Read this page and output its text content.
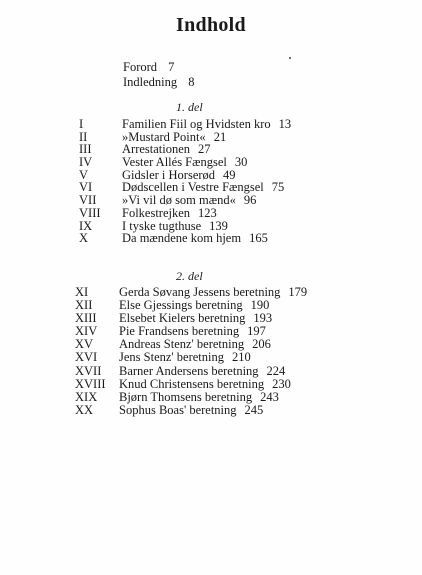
Indhold
Forord 7
Indledning 8
1. del
I	Familien Fiil og Hvidsten kro 13
II	»Mustard Point« 21
III Arrestationen 27
IV Vester Allés Fængsel 30
V	Gidsler i Horserød 49
VI Dødscellen i Vestre Fængsel 75
VII »Vi vil dø som mænd« 96
VIII Folkestrejken 123
IX I tyske tugthuse 139
X	Da mændene kom hjem 165
2. del
XI Gerda Søvang Jessens beretning 179
XII Else Gjessings beretning 190
XIII Elsebet Kielers beretning 193
XIV Pie Frandsens beretning 197
XV Andreas Stenz' beretning 206
XVI Jens Stenz' beretning 210
XVII Barner Andersens beretning 224
XVIII Knud Christensens beretning 230
XIX Bjørn Thomsens beretning 243
XX Sophus Boas' beretning 245
